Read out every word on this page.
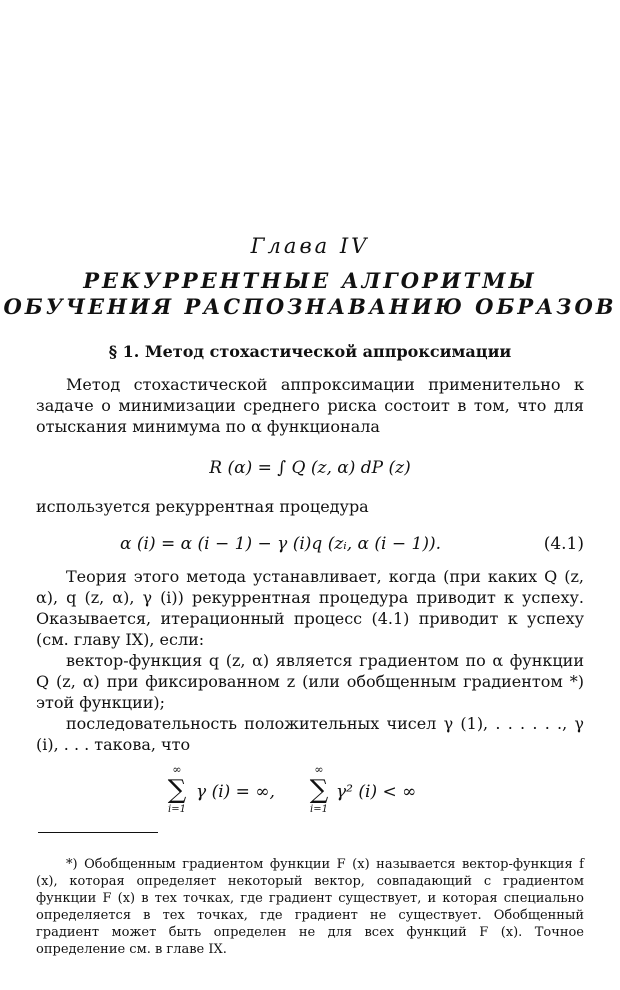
Глава IV
РЕКУРРЕНТНЫЕ АЛГОРИТМЫ
ОБУЧЕНИЯ РАСПОЗНАВАНИЮ ОБРАЗОВ
§ 1. Метод стохастической аппроксимации
Метод стохастической аппроксимации применительно к задаче о минимизации среднего риска состоит в том, что для отыскания минимума по α функционала
R (α) = ∫ Q (z, α) dP (z)
используется рекуррентная процедура
α (i) = α (i − 1) − γ (i)q (zᵢ, α (i − 1)).	(4.1)
Теория этого метода устанавливает, когда (при каких Q (z, α), q (z, α), γ (i)) рекуррентная процедура приводит к успеху. Оказывается, итерационный процесс (4.1) приводит к успеху (см. главу IX), если:
вектор-функция q (z, α) является градиентом по α функции Q (z, α) при фиксированном z (или обобщенным градиентом *) этой функции);
последовательность положительных чисел γ (1), . . . . . ., γ (i), . . . такова, что
∞
∑
i=1
γ (i) = ∞,
∞
∑
i=1
γ² (i) < ∞
*) Обобщенным градиентом функции F (x) называется вектор-функция f (x), которая определяет некоторый вектор, совпадающий с градиентом функции F (x) в тех точках, где градиент существует, и которая специально определяется в тех точках, где градиент не существует. Обобщенный градиент может быть определен не для всех функций F (x). Точное определение см. в главе IX.
